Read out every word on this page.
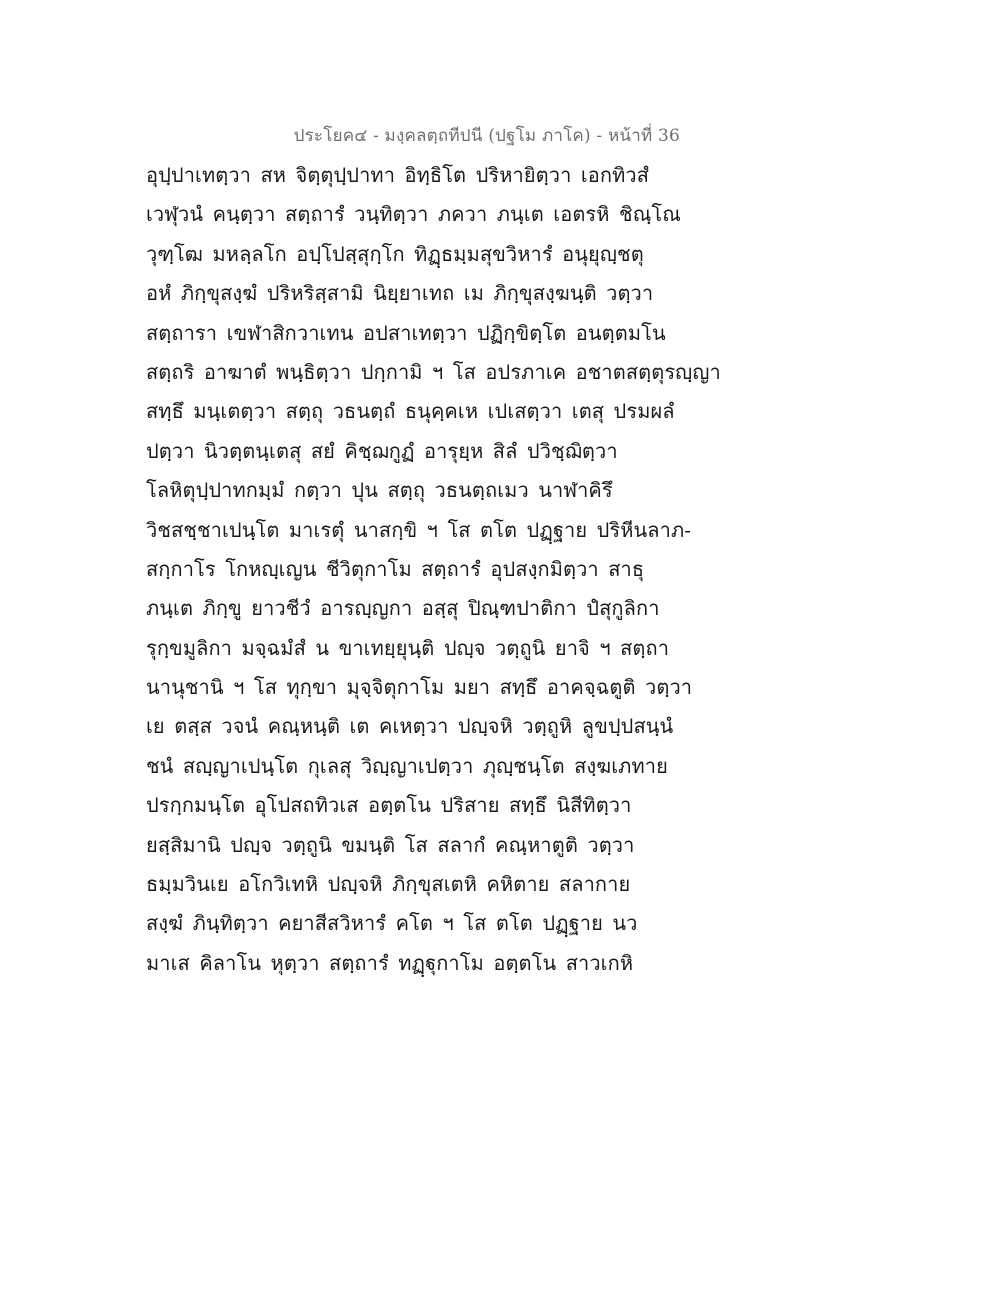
ประโยค๔ - มงฺคลตฺถทีปนี (ปฐโม ภาโค) - หน้าที่ 36
อุปฺปาเทตฺวา สห จิตฺตุปฺปาทา อิทฺธิโต ปริหายิตฺวา เอกทิวสํ
เวฬุวนํ คนฺตฺวา สตฺถารํ วนฺทิตฺวา ภควา ภนฺเต เอตรหิ ชิณฺโณ
วุฑฺโฒ มหลฺลโก อปฺโปสฺสุกฺโก ทิฏฺธมฺมสุขวิหารํ อนุยุญฺชตุ
อหํ ภิกฺขุสงฺฆํ ปริหริสฺสามิ นิยฺยาเทถ เม ภิกฺขุสงฺฆนฺติ วตฺวา
สตฺถารา เขฬาสิกวาเทน อปสาเทตฺวา ปฏิกฺขิตฺโต อนตฺตมโน
สตฺถริ อาฆาตํ พนฺธิตฺวา ปกฺกามิ ฯ โส อปรภาเค อชาตสตฺตุรญฺญา
สทฺธึ มนฺเตตฺวา สตฺถุ วธนตฺถํ ธนุคฺคเห เปเสตฺวา เตสุ ปรมผลํ
ปตฺวา นิวตฺตนฺเตสุ สยํ คิชฺฌกูฏํ อารุยฺห สิลํ ปวิชฺฌิตฺวา
โลหิตุปฺปาทกมฺมํ กตฺวา ปุน สตฺถุ วธนตฺถเมว นาฬาคิรึ
วิชสชฺชาเปนฺโต มาเรตุํ นาสกฺขิ ฯ โส ตโต ปฏฺฐาย ปริหีนลาภ-
สกฺกาโร โกหญฺเญน ชีวิตุกาโม สตฺถารํ อุปสงฺกมิตฺวา สาธุ
ภนฺเต ภิกฺขู ยาวชีวํ อารญฺญกา อสฺสุ ปิณฺฑปาติกา ปํสุกูลิกา
รุกฺขมูลิกา มจฺฉมํสํ น ขาเทยฺยุนฺติ ปญฺจ วตฺถูนิ ยาจิ ฯ สตฺถา
นานุชานิ ฯ โส ทุกฺขา มุจฺจิตุกาโม มยา สทฺธึ อาคจฺฉตูติ วตฺวา
เย ตสฺส วจนํ คณฺหนฺติ เต คเหตฺวา ปญฺจหิ วตฺถูหิ ลูขปฺปสนฺนํ
ชนํ สญฺญาเปนฺโต กุเลสุ วิญฺญาเปตฺวา ภุญฺชนฺโต สงฺฆเภทาย
ปรกฺกมนฺโต อุโปสถทิวเส อตฺตโน ปริสาย สทฺธึ นิสีทิตฺวา
ยสฺสิมานิ ปญฺจ วตฺถูนิ ขมนฺติ โส สลากํ คณฺหาตูติ วตฺวา
ธมฺมวินเย อโกวิเทหิ ปญฺจหิ ภิกฺขุสเตหิ คหิตาย สลากาย
สงฺฆํ ภินฺทิตฺวา คยาสีสวิหารํ คโต ฯ โส ตโต ปฏฺฐาย นว
มาเส คิลาโน หุตฺวา สตฺถารํ ทฏฺฐุกาโม อตฺตโน สาวเกหิ
